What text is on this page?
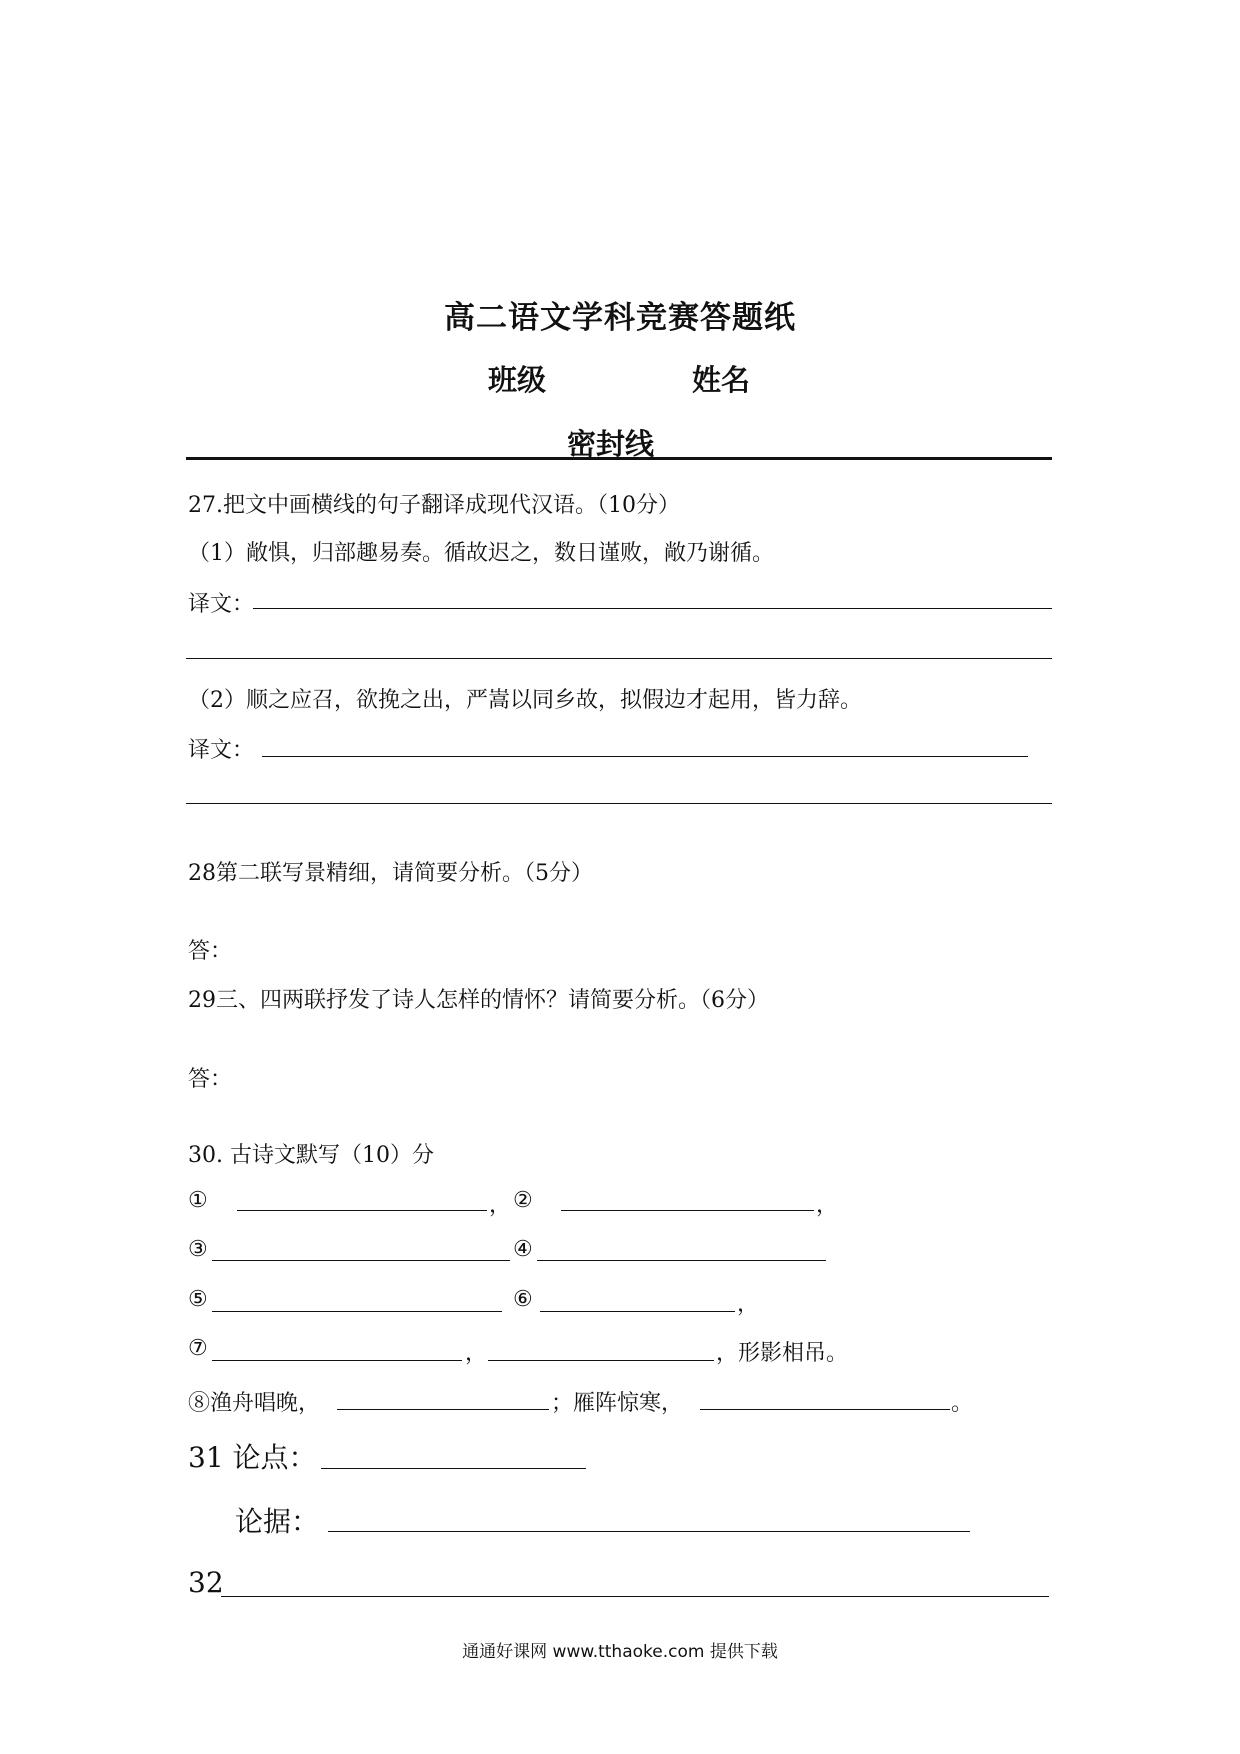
高二语文学科竞赛答题纸
班级	姓名
密封线
27.把文中画横线的句子翻译成现代汉语。（10分）
（1）敞惧，归部趣易奏。循故迟之，数日谨败，敞乃谢循。
译文：
（2）顺之应召，欲挽之出，严嵩以同乡故，拟假边才起用，皆力辞。
译文：
28第二联写景精细，请简要分析。（5分）
答：
29三、四两联抒发了诗人怎样的情怀？请简要分析。（6分）
答：
30. 古诗文默写（10）分
①	， ②	，
③	④
⑤	⑥	，
⑦	，	，形影相吊。
⑧渔舟唱晚，	；雁阵惊寒，	。
31 论点：
论据：
32
通通好课网 www.tthaoke.com 提供下载
